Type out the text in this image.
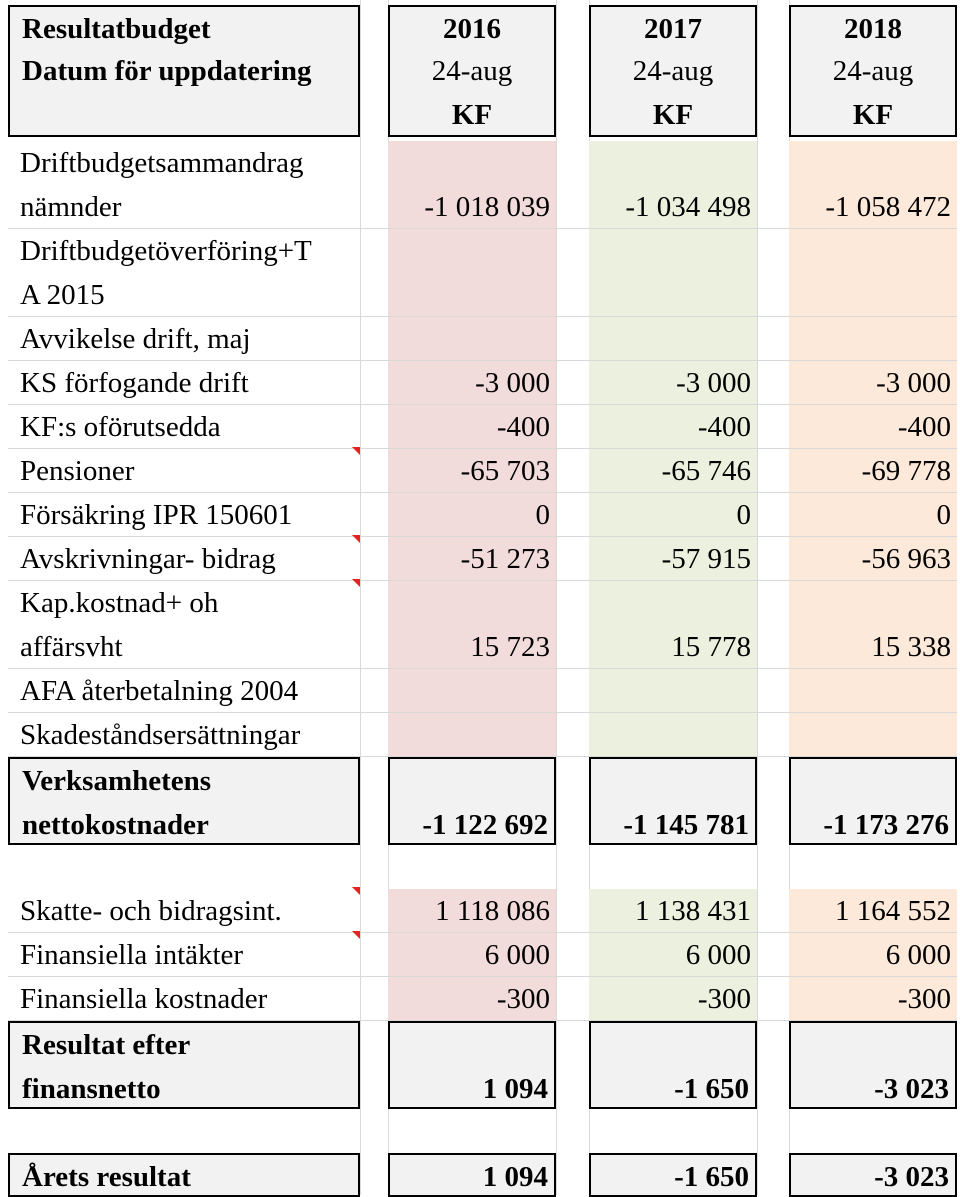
Resultatbudget	2016	2017	2018
Datum för uppdatering	24-aug	24-aug	24-aug
KF	KF	KF
Driftbudgetsammandrag
nämnder	-1 018 039	-1 034 498	-1 058 472
Driftbudgetöverföring+T
A 2015
Avvikelse drift, maj
KS förfogande drift	-3 000	-3 000	-3 000
KF:s oförutsedda	-400	-400	-400
Pensioner	-65 703	-65 746	-69 778
Försäkring IPR 150601	0	0	0
Avskrivningar- bidrag	-51 273	-57 915	-56 963
Kap.kostnad+ oh
affärsvht	15 723	15 778	15 338
AFA återbetalning 2004
Skadeståndsersättningar
Verksamhetens
nettokostnader	-1 122 692	-1 145 781	-1 173 276
Skatte- och bidragsint.	1 118 086	1 138 431	1 164 552
Finansiella intäkter	6 000	6 000	6 000
Finansiella kostnader	-300	-300	-300
Resultat efter
finansnetto	1 094	-1 650	-3 023
Årets resultat	1 094	-1 650	-3 023
